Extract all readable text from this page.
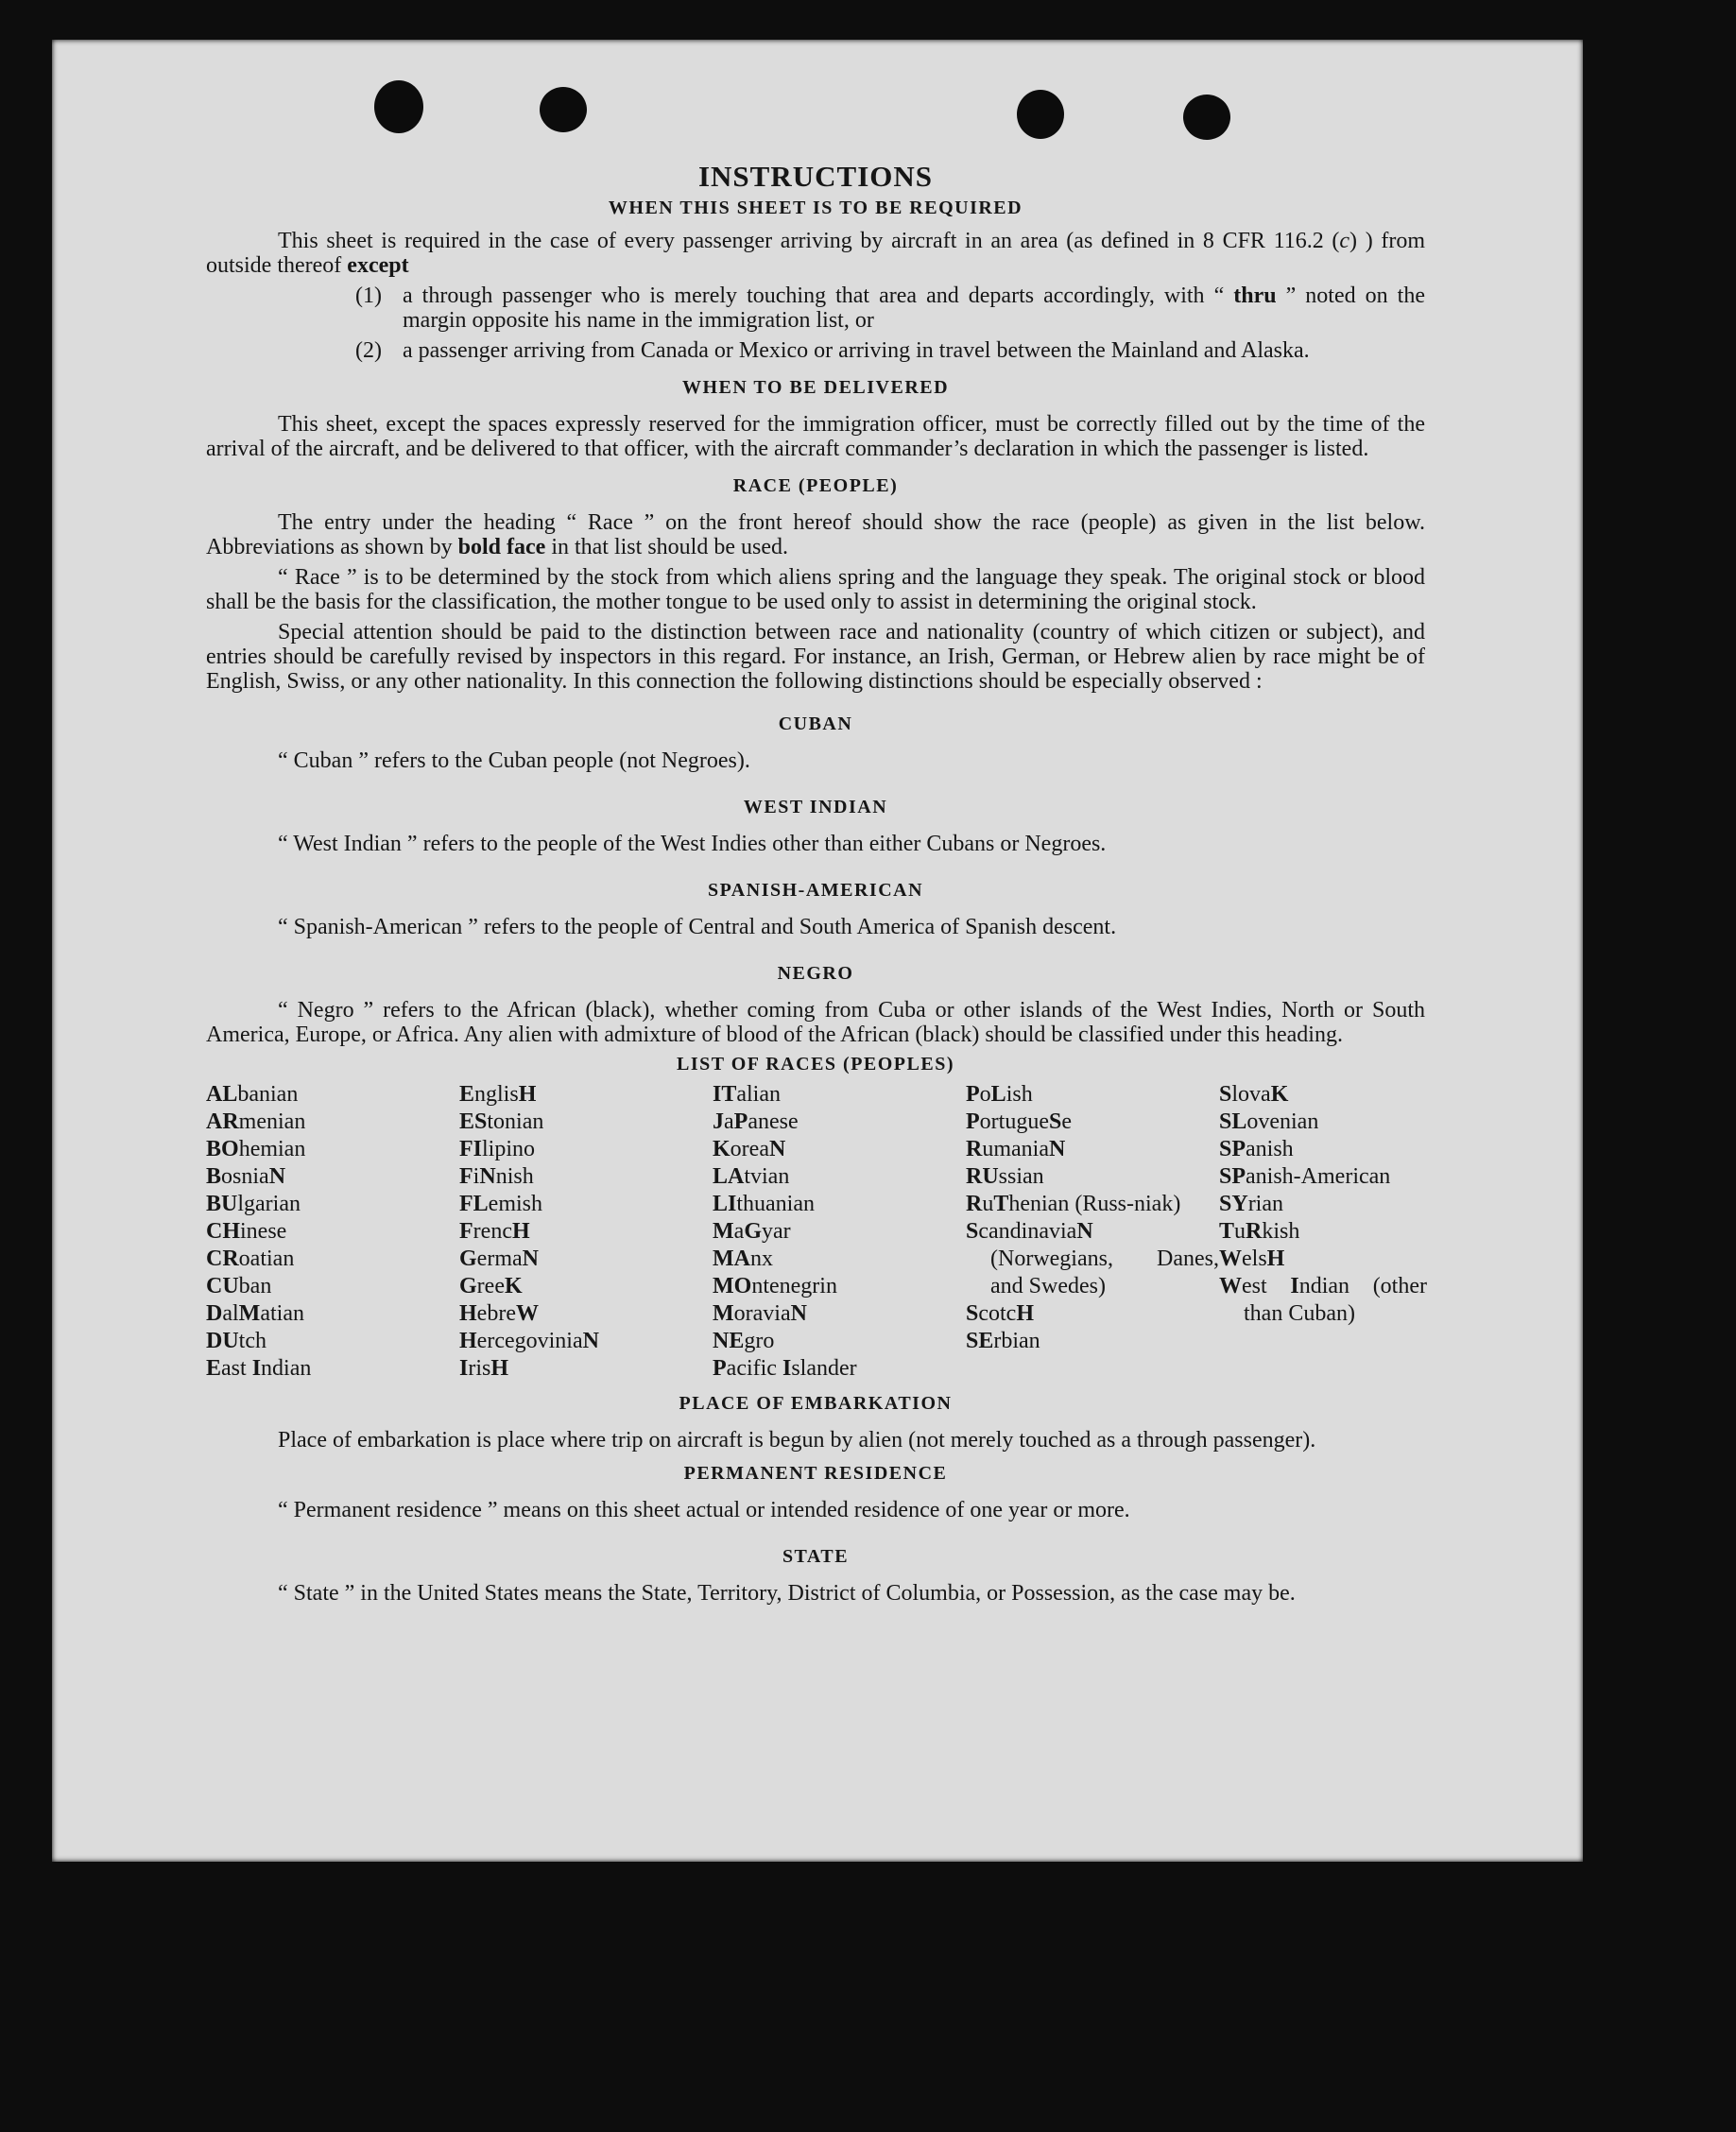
INSTRUCTIONS
WHEN THIS SHEET IS TO BE REQUIRED

This sheet is required in the case of every passenger arriving by aircraft in an area (as defined in 8 CFR 116.2 (c) ) from outside thereof except

(1) a through passenger who is merely touching that area and departs accordingly, with “ thru ” noted on the margin opposite his name in the immigration list, or
(2) a passenger arriving from Canada or Mexico or arriving in travel between the Mainland and Alaska.
WHEN TO BE DELIVERED

This sheet, except the spaces expressly reserved for the immigration officer, must be correctly filled out by the time of the arrival of the aircraft, and be delivered to that officer, with the aircraft commander’s declaration in which the passenger is listed.

RACE (PEOPLE)

The entry under the heading “ Race ” on the front hereof should show the race (people) as given in the list below. Abbreviations as shown by bold face in that list should be used.

“ Race ” is to be determined by the stock from which aliens spring and the language they speak. The original stock or blood shall be the basis for the classification, the mother tongue to be used only to assist in determining the original stock.

Special attention should be paid to the distinction between race and nationality (country of which citizen or subject), and entries should be carefully revised by inspectors in this regard. For instance, an Irish, German, or Hebrew alien by race might be of English, Swiss, or any other nationality. In this connection the following distinctions should be especially observed :

CUBAN

“ Cuban ” refers to the Cuban people (not Negroes).

WEST INDIAN

“ West Indian ” refers to the people of the West Indies other than either Cubans or Negroes.

SPANISH-AMERICAN

“ Spanish-American ” refers to the people of Central and South America of Spanish descent.

NEGRO

“ Negro ” refers to the African (black), whether coming from Cuba or other islands of the West Indies, North or South America, Europe, or Africa. Any alien with admixture of blood of the African (black) should be classified under this heading.

LIST OF RACES (PEOPLES)
ALbanian
ARmenian
BOhemian
BosniaN
BUlgarian
CHinese
CRoatian
CUban
DalMatian
DUtch
East Indian
EnglisH
EStonian
FIlipino
FiNnish
FLemish
FrencH
GermaN
GreeK
HebreW
HercegoviniaN
IrisH
ITalian
JaPanese
KoreaN
LAtvian
LIthuanian
MaGyar
MAnx
MOntenegrin
MoraviaN
NEgro
Pacific Islander
PoLish
PortugueSe
RumaniaN
RUssian
RuThenian (Russ-niak)
ScandinaviaN (Norwegians, Danes, and Swedes)
ScotcH
SErbian
SlovaK
SLovenian
SPanish
SPanish-American
SYrian
TuRkish
WelsH
West Indian (other than Cuban)
PLACE OF EMBARKATION

Place of embarkation is place where trip on aircraft is begun by alien (not merely touched as a through passenger).

PERMANENT RESIDENCE

“ Permanent residence ” means on this sheet actual or intended residence of one year or more.

STATE

“ State ” in the United States means the State, Territory, District of Columbia, or Possession, as the case may be.
